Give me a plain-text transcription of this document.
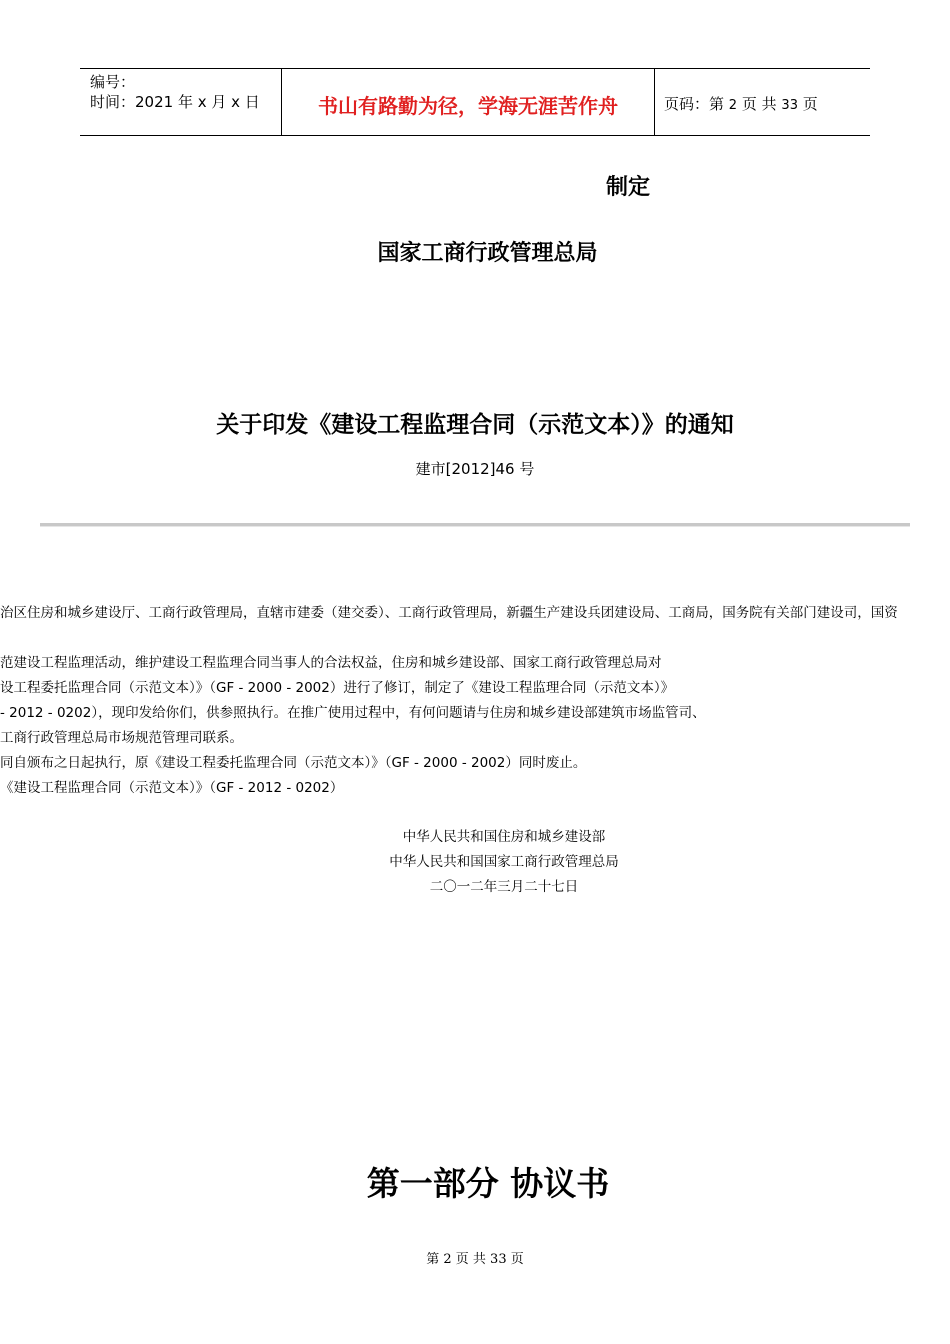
编号：
时间：2021 年 x 月 x 日	书山有路勤为径，学海无涯苦作舟	页码：第 2 页 共 33 页
制定
国家工商行政管理总局
关于印发《建设工程监理合同（示范文本）》的通知
建市[2012]46 号
治区住房和城乡建设厅、工商行政管理局，直辖市建委（建交委）、工商行政管理局，新疆生产建设兵团建设局、工商局，国务院有关部门建设司，国资
范建设工程监理活动，维护建设工程监理合同当事人的合法权益，住房和城乡建设部、国家工商行政管理总局对
设工程委托监理合同（示范文本）》（GF - 2000 - 2002）进行了修订，制定了《建设工程监理合同（示范文本）》
- 2012 - 0202），现印发给你们，供参照执行。在推广使用过程中，有何问题请与住房和城乡建设部建筑市场监管司、
工商行政管理总局市场规范管理司联系。
同自颁布之日起执行，原《建设工程委托监理合同（示范文本）》（GF - 2000 - 2002）同时废止。
《建设工程监理合同（示范文本）》（GF - 2012 - 0202）
中华人民共和国住房和城乡建设部
中华人民共和国国家工商行政管理总局
二〇一二年三月二十七日
第一部分 协议书
第 2 页 共 33 页
